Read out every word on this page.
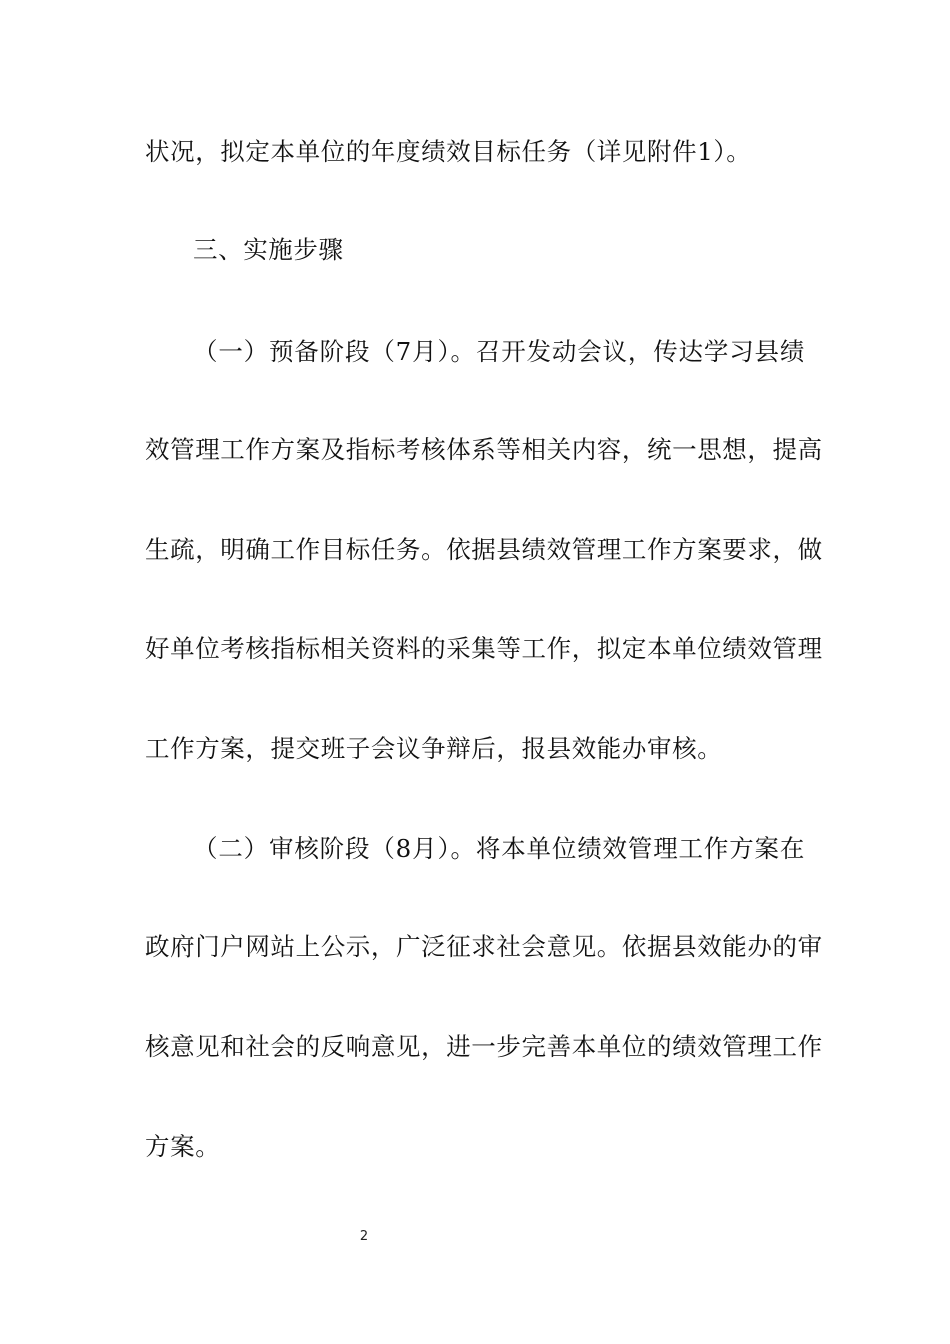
状况，拟定本单位的年度绩效目标任务（详见附件1）。
三、实施步骤
（一）预备阶段（7月）。召开发动会议，传达学习县绩
效管理工作方案及指标考核体系等相关内容，统一思想，提高
生疏，明确工作目标任务。依据县绩效管理工作方案要求，做
好单位考核指标相关资料的采集等工作，拟定本单位绩效管理
工作方案，提交班子会议争辩后，报县效能办审核。
（二）审核阶段（8月）。将本单位绩效管理工作方案在
政府门户网站上公示，广泛征求社会意见。依据县效能办的审
核意见和社会的反响意见，进一步完善本单位的绩效管理工作
方案。
2
